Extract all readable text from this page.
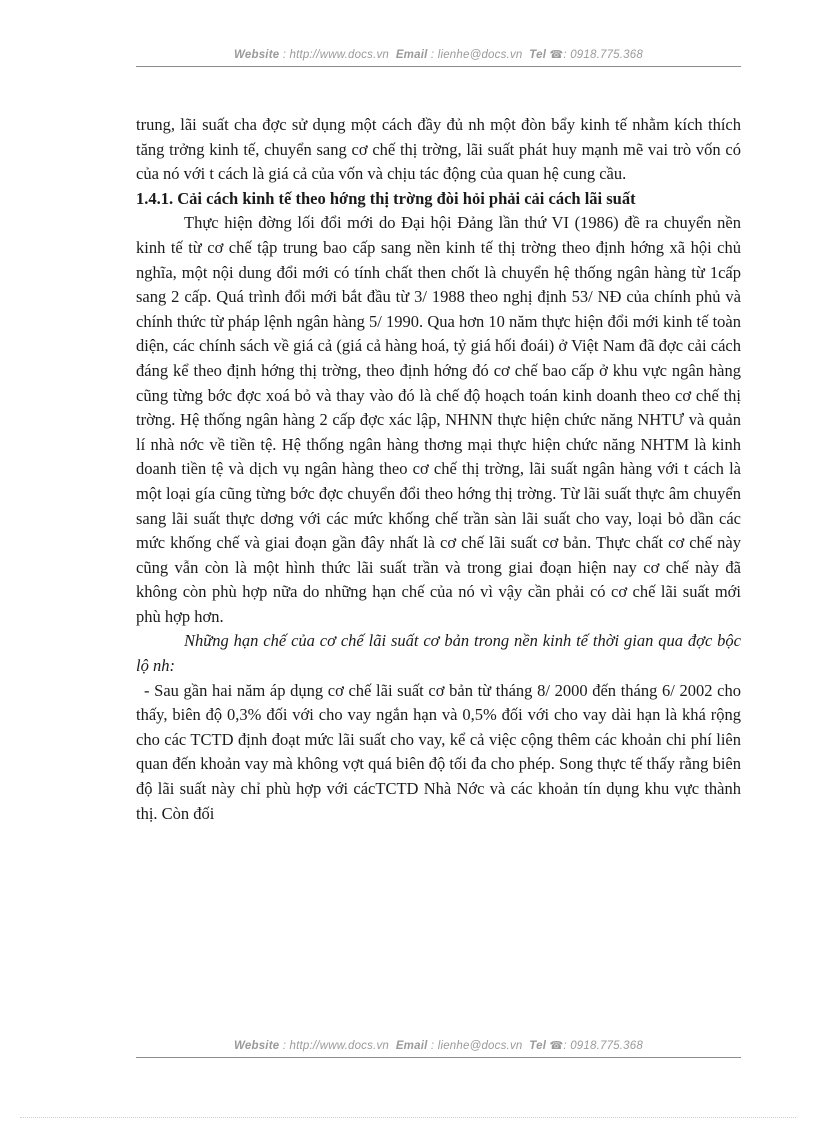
Website : http://www.docs.vn Email : lienhe@docs.vn Tel ☎: 0918.775.368

trung, lãi suất cha đợc sử dụng một cách đầy đủ nh một đòn bẩy kinh tế nhằm kích thích tăng trởng kinh tế, chuyển sang cơ chế thị trờng, lãi suất phát huy mạnh mẽ vai trò vốn có của nó với t cách là giá cả của vốn và chịu tác động của quan hệ cung cầu.

1.4.1. Cải cách kinh tế theo hớng thị trờng đòi hỏi phải cải cách lãi suất

Thực hiện đờng lối đổi mới do Đại hội Đảng lần thứ VI (1986) đề ra chuyển nền kinh tế từ cơ chế tập trung bao cấp sang nền kinh tế thị trờng theo định hớng xã hội chủ nghĩa, một nội dung đổi mới có tính chất then chốt là chuyển hệ thống ngân hàng từ 1cấp sang 2 cấp. Quá trình đổi mới bắt đầu từ 3/ 1988 theo nghị định 53/ NĐ của chính phủ và chính thức từ pháp lệnh ngân hàng 5/ 1990. Qua hơn 10 năm thực hiện đổi mới kinh tế toàn diện, các chính sách về giá cả (giá cả hàng hoá, tỷ giá hối đoái) ở Việt Nam đã đợc cải cách đáng kể theo định hớng thị trờng, theo định hớng đó cơ chế bao cấp ở khu vực ngân hàng cũng từng bớc đợc xoá bỏ và thay vào đó là chế độ hoạch toán kinh doanh theo cơ chế thị trờng. Hệ thống ngân hàng 2 cấp đợc xác lập, NHNN thực hiện chức năng NHTƯ và quản lí nhà nớc về tiền tệ. Hệ thống ngân hàng thơng mại thực hiện chức năng NHTM là kinh doanh tiền tệ và dịch vụ ngân hàng theo cơ chế thị trờng, lãi suất ngân hàng với t cách là một loại gía cũng từng bớc đợc chuyển đổi theo hớng thị trờng. Từ lãi suất thực âm chuyển sang lãi suất thực dơng với các mức khống chế trần sàn lãi suất cho vay, loại bỏ dần các mức khống chế và giai đoạn gần đây nhất là cơ chế lãi suất cơ bản. Thực chất cơ chế này cũng vẫn còn là một hình thức lãi suất trần và trong giai đoạn hiện nay cơ chế này đã không còn phù hợp nữa do những hạn chế của nó vì vậy cần phải có cơ chế lãi suất mới phù hợp hơn.

Những hạn chế của cơ chế lãi suất cơ bản trong nền kinh tế thời gian qua đợc bộc lộ nh:

- Sau gần hai năm áp dụng cơ chế lãi suất cơ bản từ tháng 8/ 2000 đến tháng 6/ 2002 cho thấy, biên độ 0,3% đối với cho vay ngắn hạn và 0,5% đối với cho vay dài hạn là khá rộng cho các TCTD định đoạt mức lãi suất cho vay, kể cả việc cộng thêm các khoản chi phí liên quan đến khoản vay mà không vợt quá biên độ tối đa cho phép. Song thực tế thấy rằng biên độ lãi suất này chỉ phù hợp với cácTCTD Nhà Nớc và các khoản tín dụng khu vực thành thị. Còn đối

Website : http://www.docs.vn Email : lienhe@docs.vn Tel ☎: 0918.775.368
